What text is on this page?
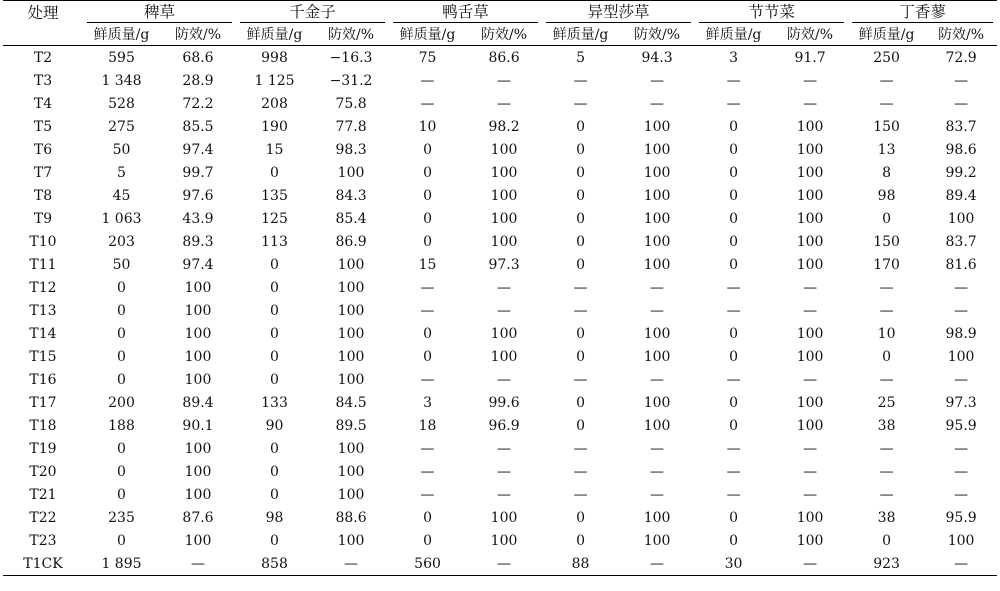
处理	稗草		千金子		鸭舌草		异型莎草		节节菜		丁香蓼	

	鲜质量/g	防效/%	鲜质量/g	防效/%	鲜质量/g	防效/%	鲜质量/g	防效/%	鲜质量/g	防效/%	鲜质量/g	防效/%
T2	595	68.6	998	−16.3	75	86.6	5	94.3	3	91.7	250	72.9
T3	1 348	28.9	1 125	−31.2	—	—	—	—	—	—	—	—
T4	528	72.2	208	75.8	—	—	—	—	—	—	—	—
T5	275	85.5	190	77.8	10	98.2	0	100	0	100	150	83.7
T6	50	97.4	15	98.3	0	100	0	100	0	100	13	98.6
T7	5	99.7	0	100	0	100	0	100	0	100	8	99.2
T8	45	97.6	135	84.3	0	100	0	100	0	100	98	89.4
T9	1 063	43.9	125	85.4	0	100	0	100	0	100	0	100
T10	203	89.3	113	86.9	0	100	0	100	0	100	150	83.7
T11	50	97.4	0	100	15	97.3	0	100	0	100	170	81.6
T12	0	100	0	100	—	—	—	—	—	—	—	—
T13	0	100	0	100	—	—	—	—	—	—	—	—
T14	0	100	0	100	0	100	0	100	0	100	10	98.9
T15	0	100	0	100	0	100	0	100	0	100	0	100
T16	0	100	0	100	—	—	—	—	—	—	—	—
T17	200	89.4	133	84.5	3	99.6	0	100	0	100	25	97.3
T18	188	90.1	90	89.5	18	96.9	0	100	0	100	38	95.9
T19	0	100	0	100	—	—	—	—	—	—	—	—
T20	0	100	0	100	—	—	—	—	—	—	—	—
T21	0	100	0	100	—	—	—	—	—	—	—	—
T22	235	87.6	98	88.6	0	100	0	100	0	100	38	95.9
T23	0	100	0	100	0	100	0	100	0	100	0	100
T1CK	1 895	—	858	—	560	—	88	—	30	—	923	—
